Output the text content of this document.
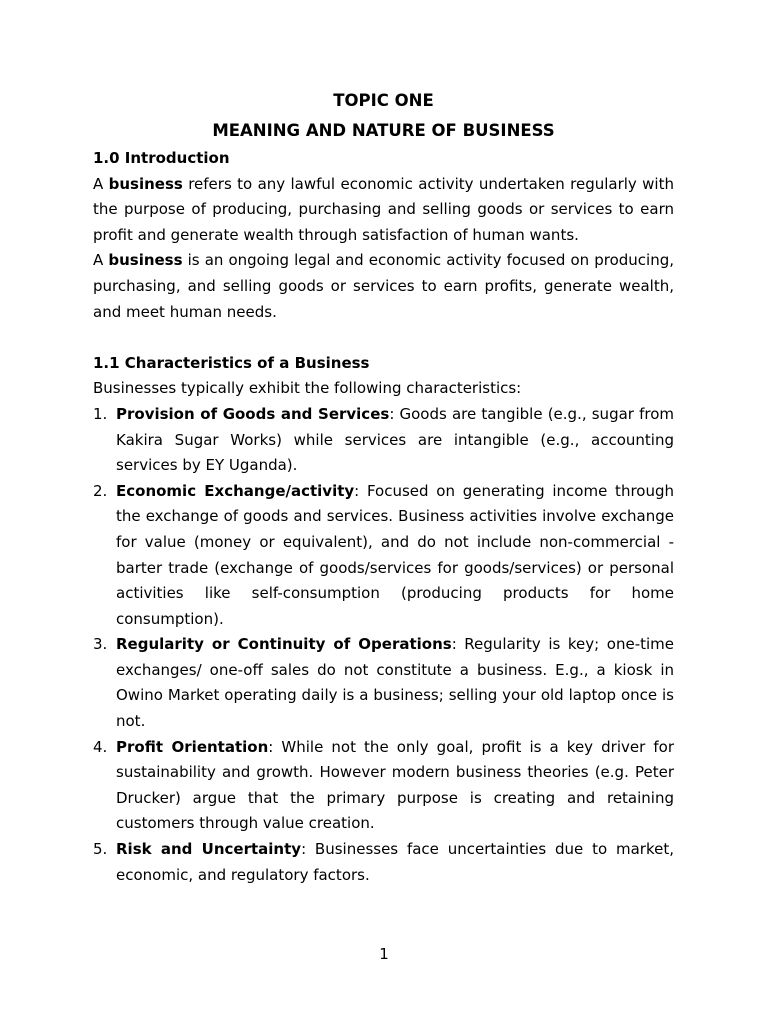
TOPIC ONE

MEANING AND NATURE OF BUSINESS

1.0 Introduction

A business refers to any lawful economic activity undertaken regularly with the purpose of producing, purchasing and selling goods or services to earn profit and generate wealth through satisfaction of human wants.

A business is an ongoing legal and economic activity focused on producing, purchasing, and selling goods or services to earn profits, generate wealth, and meet human needs.

1.1 Characteristics of a Business

Businesses typically exhibit the following characteristics:

1. Provision of Goods and Services: Goods are tangible (e.g., sugar from Kakira Sugar Works) while services are intangible (e.g., accounting services by EY Uganda).
2. Economic Exchange/activity: Focused on generating income through the exchange of goods and services. Business activities involve exchange for value (money or equivalent), and do not include non-commercial - barter trade (exchange of goods/services for goods/services) or personal activities like self-consumption (producing products for home consumption).
3. Regularity or Continuity of Operations: Regularity is key; one-time exchanges/ one-off sales do not constitute a business. E.g., a kiosk in Owino Market operating daily is a business; selling your old laptop once is not.
4. Profit Orientation: While not the only goal, profit is a key driver for sustainability and growth. However modern business theories (e.g. Peter Drucker) argue that the primary purpose is creating and retaining customers through value creation.
5. Risk and Uncertainty: Businesses face uncertainties due to market, economic, and regulatory factors.
1
